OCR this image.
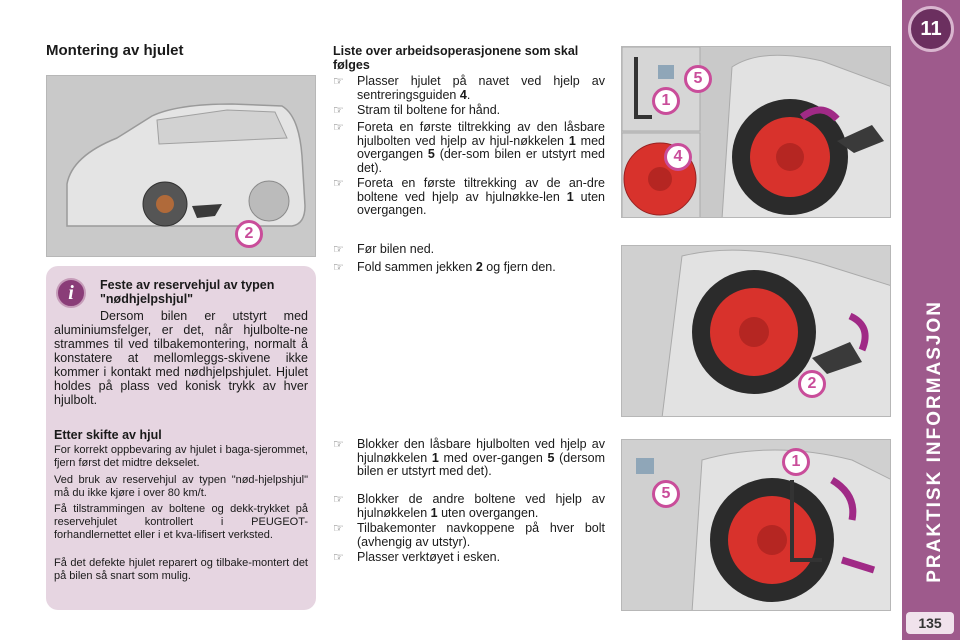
11
PRAKTISK INFORMASJON
135
Montering av hjulet
2
i	Feste av reservehjul av typen "nødhjelpshjul"
Dersom bilen er utstyrt med aluminiumsfelger, er det, når hjulbolte-ne strammes til ved tilbakemontering, normalt å konstatere at mellomleggs-skivene ikke kommer i kontakt med nødhjelpshjulet. Hjulet holdes på plass ved konisk trykk av hver hjulbolt.
Etter skifte av hjul
For korrekt oppbevaring av hjulet i baga-sjerommet, fjern først det midtre dekselet.
Ved bruk av reservehjul av typen "nød-hjelpshjul" må du ikke kjøre i over 80 km/t.
Få tilstrammingen av boltene og dekk-trykket på reservehjulet kontrollert i PEUGEOT-forhandlernettet eller i et kva-lifisert verksted.
Få det defekte hjulet reparert og tilbake-montert det på bilen så snart som mulig.
Liste over arbeidsoperasjonene som skal følges
☞	Plasser hjulet på navet ved hjelp av sentreringsguiden 4.
☞	Stram til boltene for hånd.
☞	Foreta en første tiltrekking av den låsbare hjulbolten ved hjelp av hjul-nøkkelen 1 med overgangen 5 (der-som bilen er utstyrt med det).
☞	Foreta en første tiltrekking av de an-dre boltene ved hjelp av hjulnøkke-len 1 uten overgangen.
☞	Før bilen ned.
☞	Fold sammen jekken 2 og fjern den.
☞	Blokker den låsbare hjulbolten ved hjelp av hjulnøkkelen 1 med over-gangen 5 (dersom bilen er utstyrt med det).
☞	Blokker de andre boltene ved hjelp av hjulnøkkelen 1 uten overgangen.
☞	Tilbakemonter navkoppene på hver bolt (avhengig av utstyr).
☞	Plasser verktøyet i esken.
5
1
4
2
1
5
